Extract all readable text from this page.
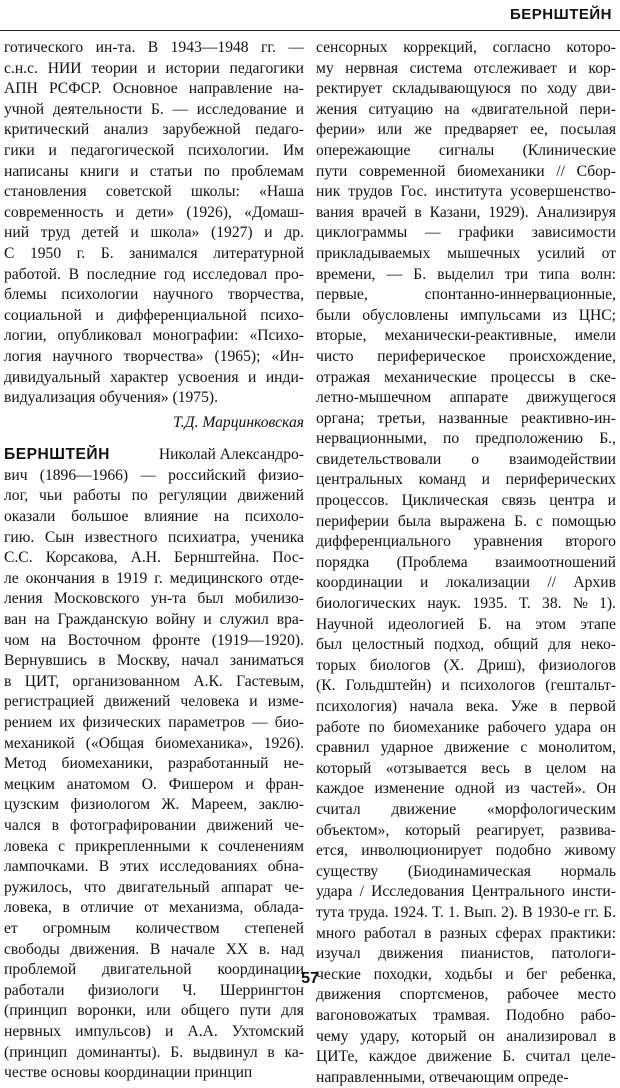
БЕРНШТЕЙН
готического ин-та. В 1943—1948 гг. —
с.н.с. НИИ теории и истории педагогики
АПН РСФСР. Основное направление на-
учной деятельности Б. — исследование и
критический анализ зарубежной педаго-
гики и педагогической психологии. Им
написаны книги и статьи по проблемам
становления советской школы: «Наша
современность и дети» (1926), «Домаш-
ний труд детей и школа» (1927) и др.
С 1950 г. Б. занимался литературной
работой. В последние год исследовал про-
блемы психологии научного творчества,
социальной и дифференциальной психо-
логии, опубликовал монографии: «Психо-
логия научного творчества» (1965); «Ин-
дивидуальный характер усвоения и инди-
видуализация обучения» (1975).
Т.Д. Марцинковская
БЕРНШТЕЙН	Николай Александро-
вич (1896—1966) — российский физио-
лог, чьи работы по регуляции движений
оказали большое влияние на психоло-
гию. Сын известного психиатра, ученика
С.С. Корсакова, А.Н. Бернштейна. Пос-
ле окончания в 1919 г. медицинского отде-
ления Московского ун-та был мобилизо-
ван на Гражданскую войну и служил вра-
чом на Восточном фронте (1919—1920).
Вернувшись в Москву, начал заниматься
в ЦИТ, организованном А.К. Гастевым,
регистрацией движений человека и изме-
рением их физических параметров — био-
механикой («Общая биомеханика», 1926).
Метод биомеханики, разработанный не-
мецким анатомом О. Фишером и фран-
цузским физиологом Ж. Мареем, заклю-
чался в фотографировании движений че-
ловека с прикрепленными к сочленениям
лампочками. В этих исследованиях обна-
ружилось, что двигательный аппарат че-
ловека, в отличие от механизма, облада-
ет огромным количеством степеней
свободы движения. В начале XX в. над
проблемой двигательной координации
работали физиологи Ч. Шеррингтон
(принцип воронки, или общего пути для
нервных импульсов) и А.А. Ухтомский
(принцип доминанты). Б. выдвинул в ка-
честве основы координации принцип
сенсорных коррекций, согласно которо-
му нервная система отслеживает и кор-
ректирует складывающуюся по ходу дви-
жения ситуацию на «двигательной пери-
ферии» или же предваряет ее, посылая
опережающие сигналы (Клинические
пути современной биомеханики // Сбор-
ник трудов Гос. института усовершенство-
вания врачей в Казани, 1929). Анализируя
циклограммы — графики зависимости
прикладываемых мышечных усилий от
времени, — Б. выделил три типа волн:
первые,	спонтанно-иннервационные,
были обусловлены импульсами из ЦНС;
вторые, механически-реактивные, имели
чисто периферическое происхождение,
отражая механические процессы в ске-
летно-мышечном аппарате движущегося
органа; третьи, названные реактивно-ин-
нервационными, по предположению Б.,
свидетельствовали о взаимодействии
центральных команд и периферических
процессов. Циклическая связь центра и
периферии была выражена Б. с помощью
дифференциального уравнения второго
порядка (Проблема взаимоотношений
координации и локализации // Архив
биологических наук. 1935. Т. 38. № 1).
Научной идеологией Б. на этом этапе
был целостный подход, общий для неко-
торых биологов (Х. Дриш), физиологов
(К. Гольдштейн) и психологов (гештальт-
психология) начала века. Уже в первой
работе по биомеханике рабочего удара он
сравнил ударное движение с монолитом,
который «отзывается весь в целом на
каждое изменение одной из частей». Он
считал движение «морфологическим
объектом», который реагирует, развива-
ется, инволюционирует подобно живому
существу (Биодинамическая нормаль
удара / Исследования Центрального инсти-
тута труда. 1924. Т. 1. Вып. 2). В 1930-е гг. Б.
много работал в разных сферах практики:
изучал движения пианистов, патологи-
ческие походки, ходьбы и бег ребенка,
движения спортсменов, рабочее место
вагоновожатых трамвая. Подобно рабо-
чему удару, который он анализировал в
ЦИТе, каждое движение Б. считал целе-
направленными, отвечающим опреде-
57
